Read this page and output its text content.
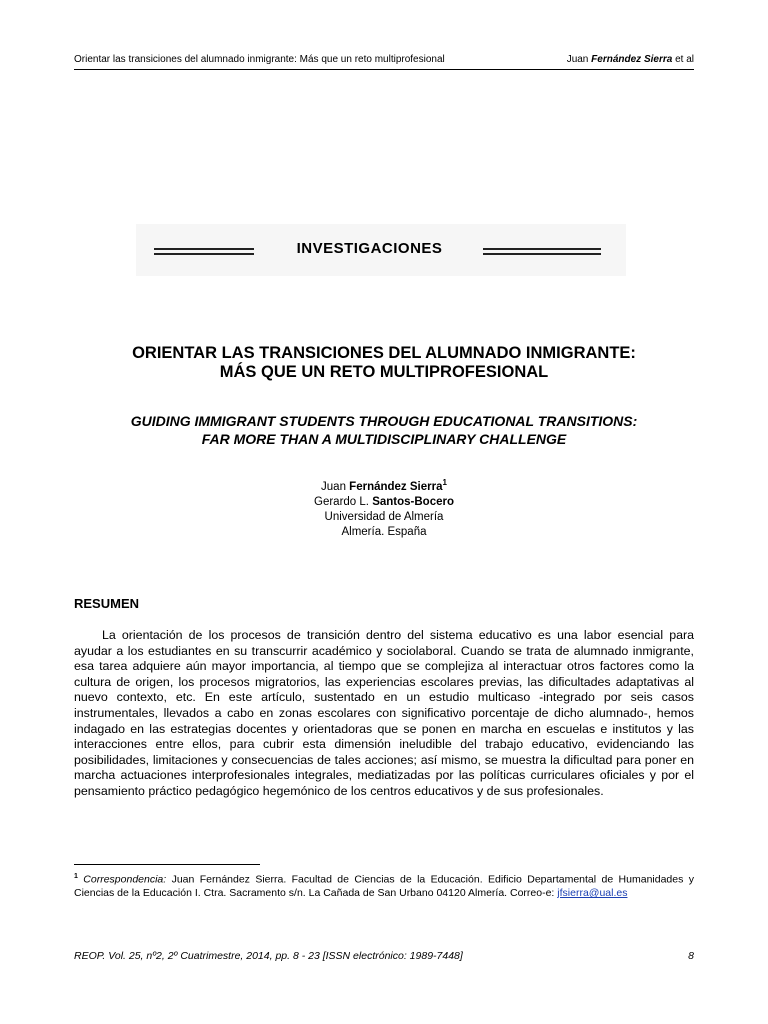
Orientar las transiciones del alumnado inmigrante: Más que un reto multiprofesional	Juan Fernández Sierra et al
INVESTIGACIONES
ORIENTAR LAS TRANSICIONES DEL ALUMNADO INMIGRANTE:
MÁS QUE UN RETO MULTIPROFESIONAL
GUIDING IMMIGRANT STUDENTS THROUGH EDUCATIONAL TRANSITIONS:
FAR MORE THAN A MULTIDISCIPLINARY CHALLENGE
Juan Fernández Sierra$^1$
Gerardo L. Santos-Bocero
Universidad de Almería
Almería. España
RESUMEN

La orientación de los procesos de transición dentro del sistema educativo es una labor esencial para ayudar a los estudiantes en su transcurrir académico y sociolaboral. Cuando se trata de alumnado inmigrante, esa tarea adquiere aún mayor importancia, al tiempo que se complejiza al interactuar otros factores como la cultura de origen, los procesos migratorios, las experiencias escolares previas, las dificultades adaptativas al nuevo contexto, etc. En este artículo, sustentado en un estudio multicaso -integrado por seis casos instrumentales, llevados a cabo en zonas escolares con significativo porcentaje de dicho alumnado-, hemos indagado en las estrategias docentes y orientadoras que se ponen en marcha en escuelas e institutos y las interacciones entre ellos, para cubrir esta dimensión ineludible del trabajo educativo, evidenciando las posibilidades, limitaciones y consecuencias de tales acciones; así mismo, se muestra la dificultad para poner en marcha actuaciones interprofesionales integrales, mediatizadas por las políticas curriculares oficiales y por el pensamiento práctico pedagógico hegemónico de los centros educativos y de sus profesionales.

$^1$ Correspondencia: Juan Fernández Sierra. Facultad de Ciencias de la Educación. Edificio Departamental de Humanidades y Ciencias de la Educación I. Ctra. Sacramento s/n. La Cañada de San Urbano 04120 Almería. Correo-e: jfsierra@ual.es
REOP. Vol. 25, nº2, 2º Cuatrimestre, 2014, pp. 8 - 23 [ISSN electrónico: 1989-7448]	8
